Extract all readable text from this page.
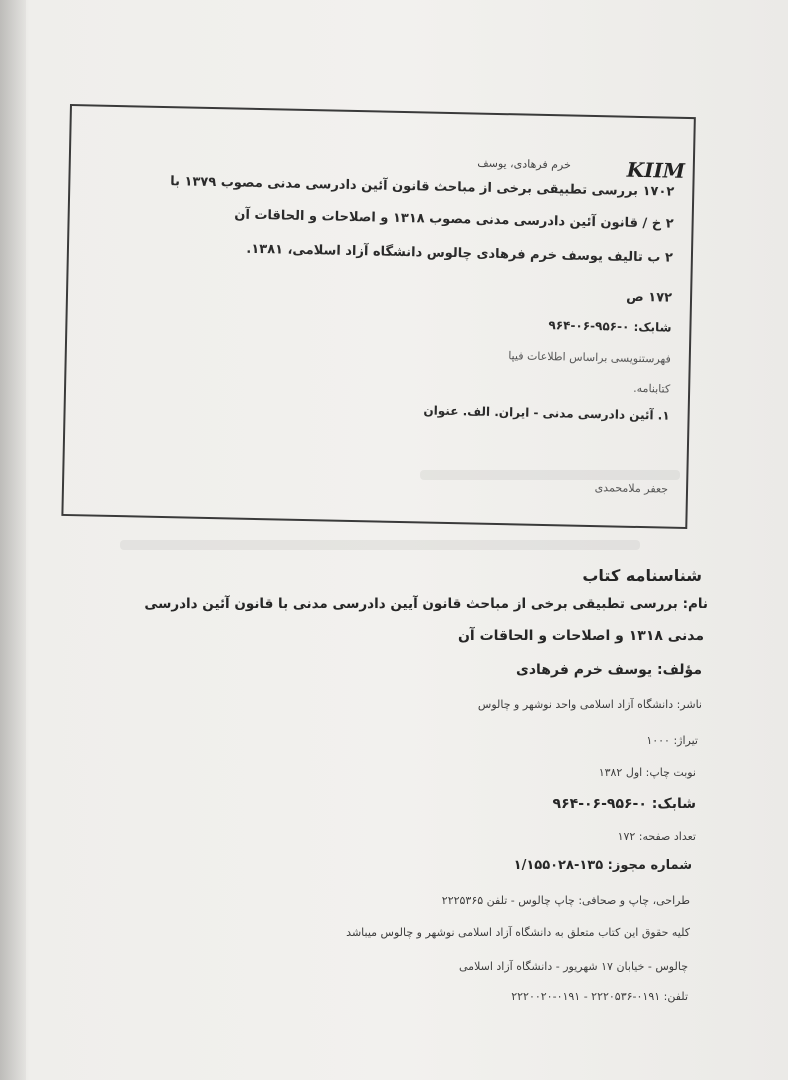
KIIM
خرم فرهادی، یوسف
۱۷۰۲ بررسی تطبیقی برخی از مباحث قانون آئین دادرسی مدنی مصوب ۱۳۷۹ با
۲ خ / قانون آئین دادرسی مدنی مصوب ۱۳۱۸ و اصلاحات و الحاقات آن
۲ ب تالیف یوسف خرم فرهادی چالوس دانشگاه آزاد اسلامی، ۱۳۸۱.
۱۷۲ ص
شابک: ۰-۹۵۶-۰۶-۹۶۴
فهرستنویسی براساس اطلاعات فیپا
کتابنامه.
۱. آئین دادرسی مدنی - ایران. الف. عنوان
جعفر ملامحمدی
شناسنامه کتاب
نام: بررسی تطبیقی برخی از مباحث قانون آیین دادرسی مدنی با قانون آئین دادرسی
مدنی ۱۳۱۸ و اصلاحات و الحاقات آن
مؤلف: یوسف خرم فرهادی
ناشر: دانشگاه آزاد اسلامی واحد نوشهر و چالوس
تیراژ: ۱۰۰۰
نوبت چاپ: اول ۱۳۸۲
شابک: ۰-۹۵۶-۰۶-۹۶۴
تعداد صفحه: ۱۷۲
شماره مجوز: ۱۳۵-۱/۱۵۵۰۲۸
طراحی، چاپ و صحافی: چاپ چالوس - تلفن ۲۲۲۵۳۶۵
کلیه حقوق این کتاب متعلق به دانشگاه آزاد اسلامی نوشهر و چالوس میباشد
چالوس - خیابان ۱۷ شهریور - دانشگاه آزاد اسلامی
تلفن: ۰۱۹۱-۲۲۲۰۵۳۶ - ۰۱۹۱-۲۲۲۰۰۲۰
